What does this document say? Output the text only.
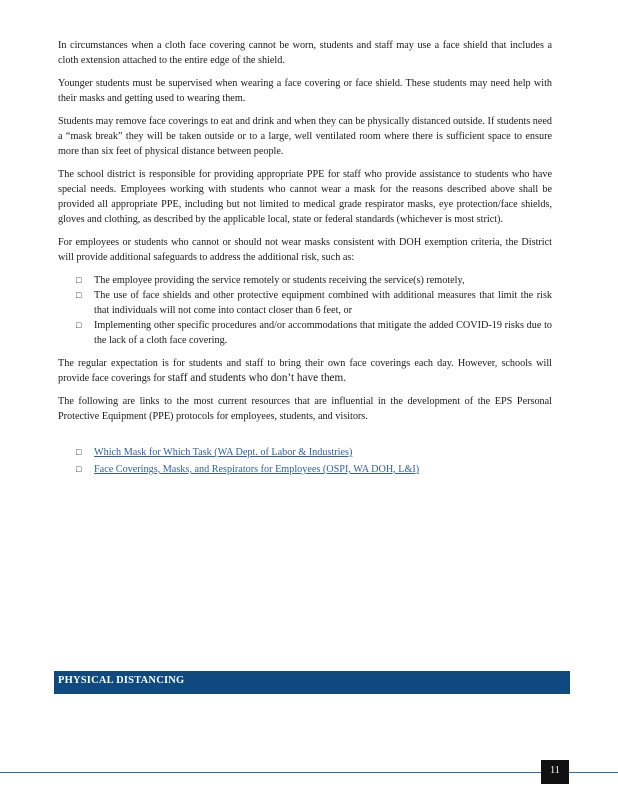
In circumstances when a cloth face covering cannot be worn, students and staff may use a face shield that includes a cloth extension attached to the entire edge of the shield.

Younger students must be supervised when wearing a face covering or face shield. These students may need help with their masks and getting used to wearing them.

Students may remove face coverings to eat and drink and when they can be physically distanced outside. If students need a “mask break” they will be taken outside or to a large, well ventilated room where there is sufficient space to ensure more than six feet of physical distance between people.

The school district is responsible for providing appropriate PPE for staff who provide assistance to students who have special needs. Employees working with students who cannot wear a mask for the reasons described above shall be provided all appropriate PPE, including but not limited to medical grade respirator masks, eye protection/face shields, gloves and clothing, as described by the applicable local, state or federal standards (whichever is most strict).

For employees or students who cannot or should not wear masks consistent with DOH exemption criteria, the District will provide additional safeguards to address the additional risk, such as:

□ The employee providing the service remotely or students receiving the service(s) remotely,
□ The use of face shields and other protective equipment combined with additional measures that limit the risk that individuals will not come into contact closer than 6 feet, or
□ Implementing other specific procedures and/or accommodations that mitigate the added COVID-19 risks due to the lack of a cloth face covering.

The regular expectation is for students and staff to bring their own face coverings each day. However, schools will provide face coverings for staff and students who don’t have them.

The following are links to the most current resources that are influential in the development of the EPS Personal Protective Equipment (PPE) protocols for employees, students, and visitors.

□ Which Mask for Which Task (WA Dept. of Labor & Industries)
□ Face Coverings, Masks, and Respirators for Employees (OSPI, WA DOH, L&I)
PHYSICAL DISTANCING
11
